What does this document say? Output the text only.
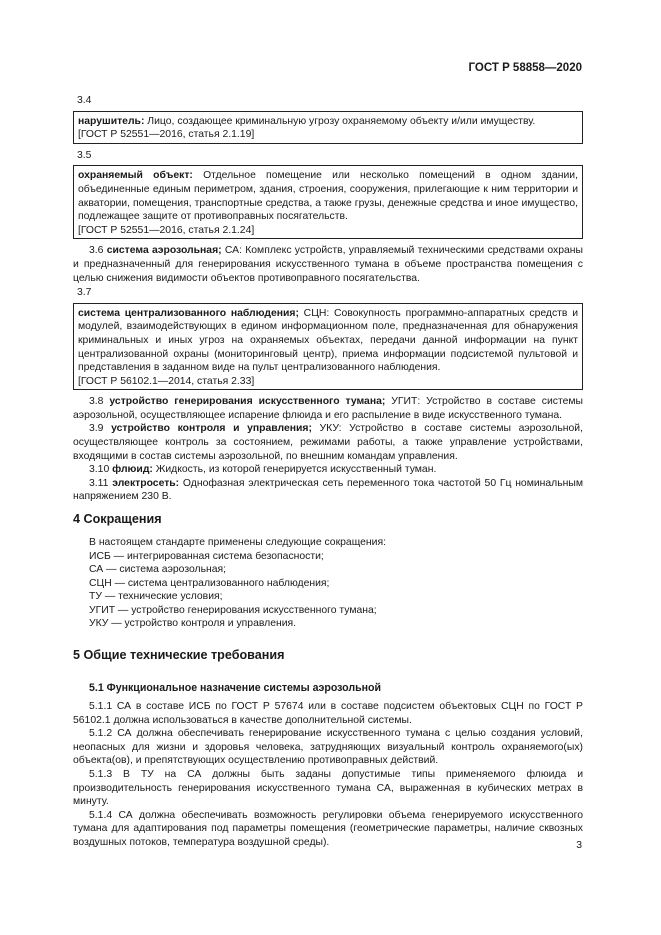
ГОСТ Р 58858—2020

3.4

нарушитель: Лицо, создающее криминальную угрозу охраняемому объекту и/или имуществу.

[ГОСТ Р 52551—2016, статья 2.1.19]

3.5

охраняемый объект: Отдельное помещение или несколько помещений в одном здании, объединенные единым периметром, здания, строения, сооружения, прилегающие к ним территории и акватории, помещения, транспортные средства, а также грузы, денежные средства и иное имущество, подлежащее защите от противоправных посягательств.

[ГОСТ Р 52551—2016, статья 2.1.24]

3.6 система аэрозольная; СА: Комплекс устройств, управляемый техническими средствами охраны и предназначенный для генерирования искусственного тумана в объеме пространства помещения с целью снижения видимости объектов противоправного посягательства.

3.7

система централизованного наблюдения; СЦН: Совокупность программно-аппаратных средств и модулей, взаимодействующих в едином информационном поле, предназначенная для обнаружения криминальных и иных угроз на охраняемых объектах, передачи данной информации на пункт централизованной охраны (мониторинговый центр), приема информации подсистемой пультовой и представления в заданном виде на пульт централизованного наблюдения.

[ГОСТ Р 56102.1—2014, статья 2.33]

3.8 устройство генерирования искусственного тумана; УГИТ: Устройство в составе системы аэрозольной, осуществляющее испарение флюида и его распыление в виде искусственного тумана.

3.9 устройство контроля и управления; УКУ: Устройство в составе системы аэрозольной, осуществляющее контроль за состоянием, режимами работы, а также управление устройствами, входящими в состав системы аэрозольной, по внешним командам управления.

3.10 флюид: Жидкость, из которой генерируется искусственный туман.

3.11 электросеть: Однофазная электрическая сеть переменного тока частотой 50 Гц номинальным напряжением 230 В.

4 Сокращения
В настоящем стандарте применены следующие сокращения:
ИСБ — интегрированная система безопасности;
СА — система аэрозольная;
СЦН — система централизованного наблюдения;
ТУ — технические условия;
УГИТ — устройство генерирования искусственного тумана;
УКУ — устройство контроля и управления.
5 Общие технические требования
5.1 Функциональное назначение системы аэрозольной

5.1.1 СА в составе ИСБ по ГОСТ Р 57674 или в составе подсистем объектовых СЦН по ГОСТ Р 56102.1 должна использоваться в качестве дополнительной системы.

5.1.2 СА должна обеспечивать генерирование искусственного тумана с целью создания условий, неопасных для жизни и здоровья человека, затрудняющих визуальный контроль охраняемого(ых) объекта(ов), и препятствующих осуществлению противоправных действий.

5.1.3 В ТУ на СА должны быть заданы допустимые типы применяемого флюида и производительность генерирования искусственного тумана СА, выраженная в кубических метрах в минуту.

5.1.4 СА должна обеспечивать возможность регулировки объема генерируемого искусственного тумана для адаптирования под параметры помещения (геометрические параметры, наличие сквозных воздушных потоков, температура воздушной среды).	3
